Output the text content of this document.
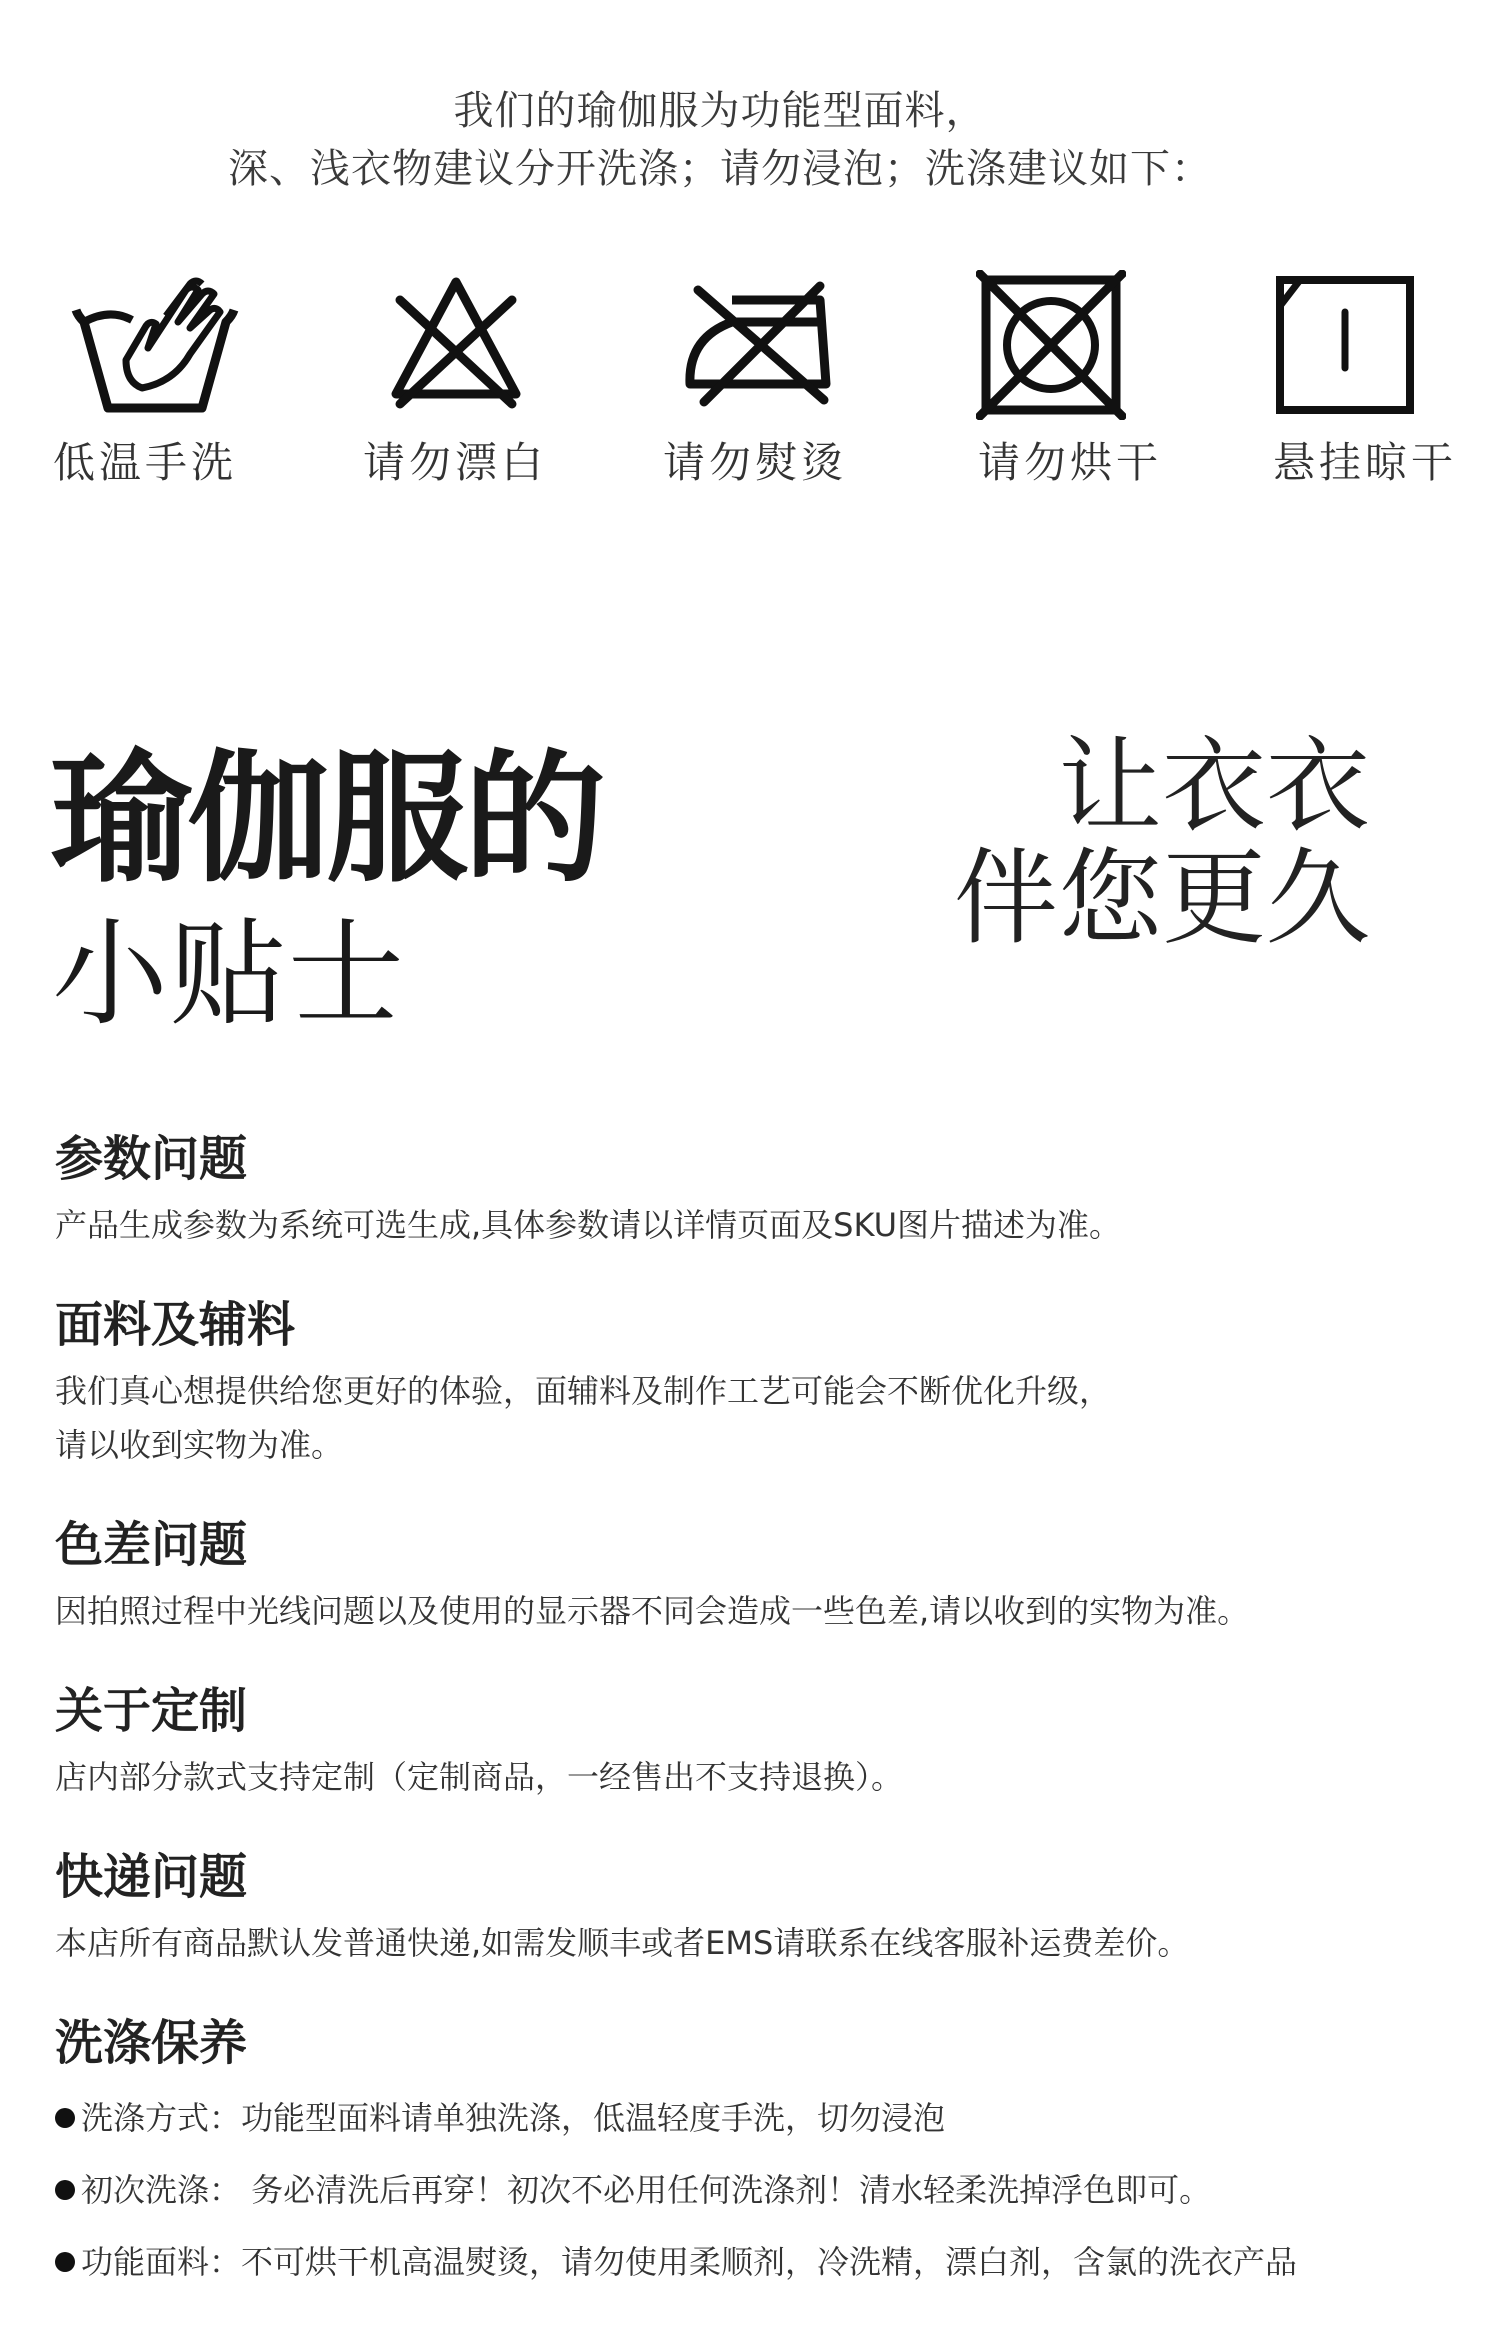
我们的瑜伽服为功能型面料，
深、浅衣物建议分开洗涤；请勿浸泡；洗涤建议如下：
低温手洗	请勿漂白	请勿熨烫	请勿烘干	悬挂晾干
瑜伽服的
小贴士
让衣衣
伴您更久
参数问题
产品生成参数为系统可选生成,具体参数请以详情页面及SKU图片描述为准。
面料及辅料
我们真心想提供给您更好的体验，面辅料及制作工艺可能会不断优化升级，
请以收到实物为准。
色差问题
因拍照过程中光线问题以及使用的显示器不同会造成一些色差,请以收到的实物为准。
关于定制
店内部分款式支持定制（定制商品，一经售出不支持退换）。
快递问题
本店所有商品默认发普通快递,如需发顺丰或者EMS请联系在线客服补运费差价。
洗涤保养
洗涤方式：功能型面料请单独洗涤，低温轻度手洗，切勿浸泡
初次洗涤： 务必清洗后再穿！初次不必用任何洗涤剂！清水轻柔洗掉浮色即可。
功能面料：不可烘干机高温熨烫，请勿使用柔顺剂，冷洗精，漂白剂，含氯的洗衣产品
